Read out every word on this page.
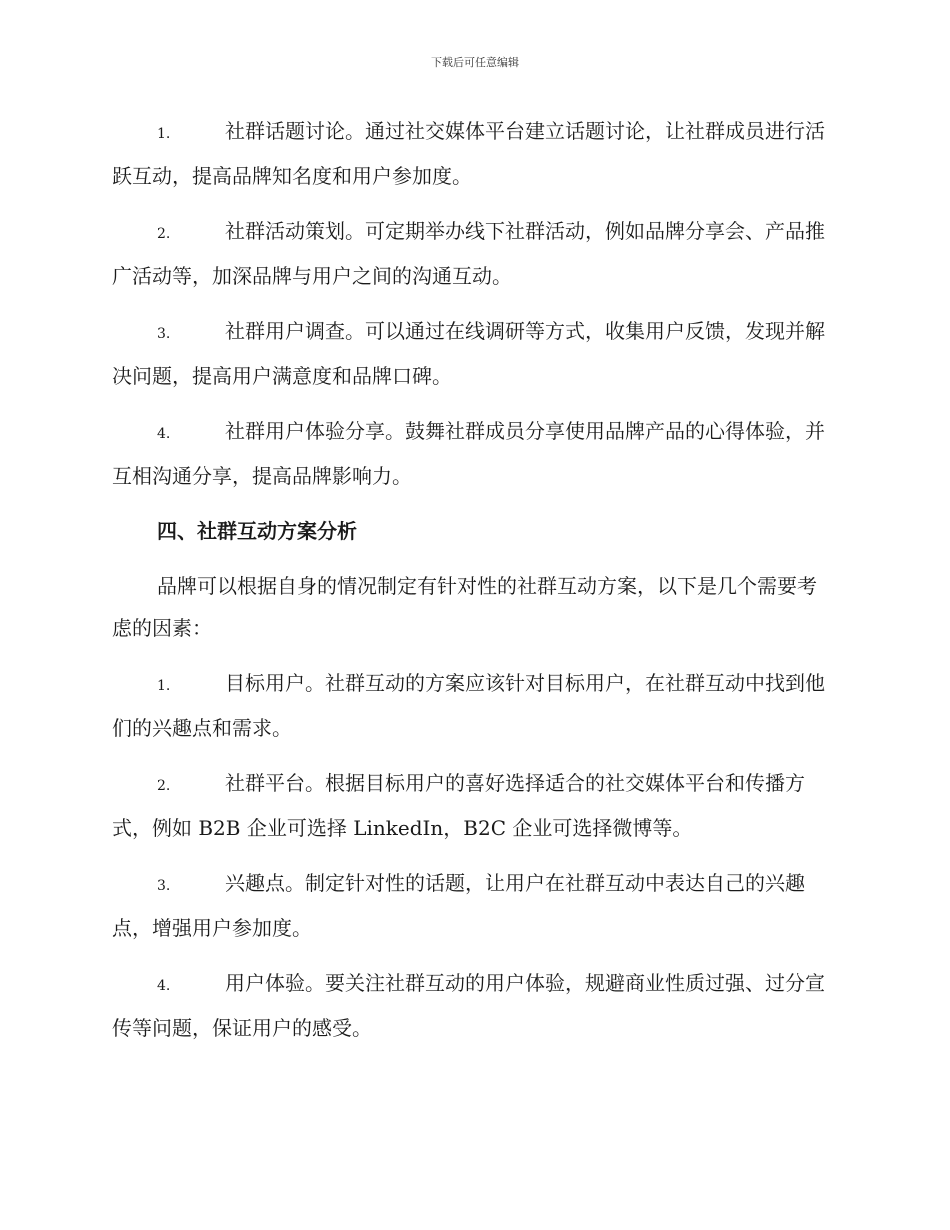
下载后可任意编辑
1.	社群话题讨论。通过社交媒体平台建立话题讨论，让社群成员进行活跃互动，提高品牌知名度和用户参加度。
2.	社群活动策划。可定期举办线下社群活动，例如品牌分享会、产品推广活动等，加深品牌与用户之间的沟通互动。
3.	社群用户调查。可以通过在线调研等方式，收集用户反馈，发现并解决问题，提高用户满意度和品牌口碑。
4.	社群用户体验分享。鼓舞社群成员分享使用品牌产品的心得体验，并互相沟通分享，提高品牌影响力。
四、社群互动方案分析
品牌可以根据自身的情况制定有针对性的社群互动方案，以下是几个需要考虑的因素：
1.	目标用户。社群互动的方案应该针对目标用户，在社群互动中找到他们的兴趣点和需求。
2.	社群平台。根据目标用户的喜好选择适合的社交媒体平台和传播方式，例如 B2B 企业可选择 LinkedIn，B2C 企业可选择微博等。
3.	兴趣点。制定针对性的话题，让用户在社群互动中表达自己的兴趣点，增强用户参加度。
4.	用户体验。要关注社群互动的用户体验，规避商业性质过强、过分宣传等问题，保证用户的感受。
